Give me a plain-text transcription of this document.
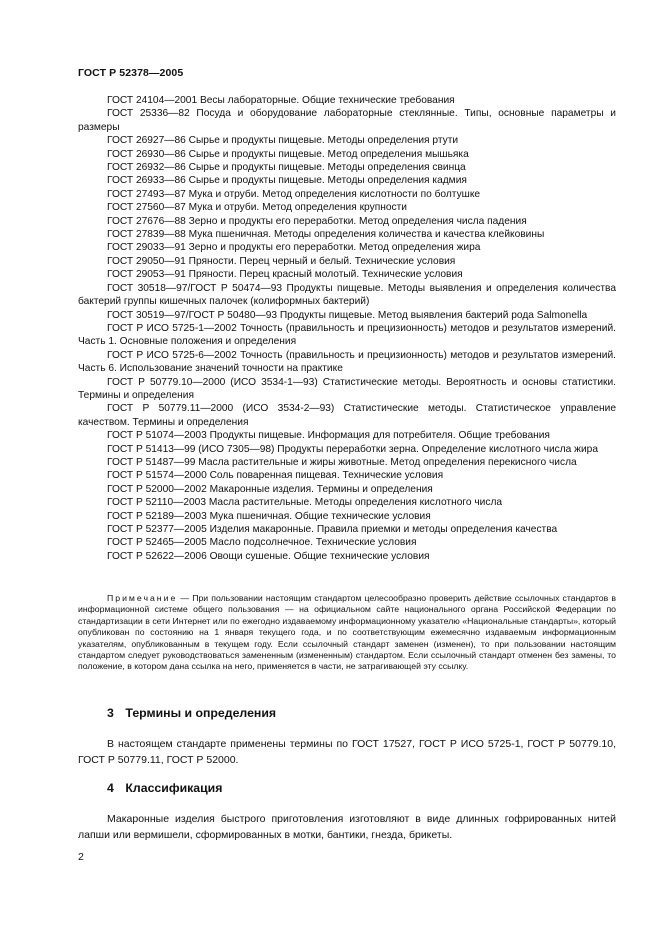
ГОСТ Р 52378—2005

ГОСТ 24104—2001 Весы лабораторные. Общие технические требования

ГОСТ 25336—82 Посуда и оборудование лабораторные стеклянные. Типы, основные параметры и размеры

ГОСТ 26927—86 Сырье и продукты пищевые. Методы определения ртути

ГОСТ 26930—86 Сырье и продукты пищевые. Метод определения мышьяка

ГОСТ 26932—86 Сырье и продукты пищевые. Методы определения свинца

ГОСТ 26933—86 Сырье и продукты пищевые. Методы определения кадмия

ГОСТ 27493—87 Мука и отруби. Метод определения кислотности по болтушке

ГОСТ 27560—87 Мука и отруби. Метод определения крупности

ГОСТ 27676—88 Зерно и продукты его переработки. Метод определения числа падения

ГОСТ 27839—88 Мука пшеничная. Методы определения количества и качества клейковины

ГОСТ 29033—91 Зерно и продукты его переработки. Метод определения жира

ГОСТ 29050—91 Пряности. Перец черный и белый. Технические условия

ГОСТ 29053—91 Пряности. Перец красный молотый. Технические условия

ГОСТ 30518—97/ГОСТ Р 50474—93 Продукты пищевые. Методы выявления и определения количества бактерий группы кишечных палочек (колиформных бактерий)

ГОСТ 30519—97/ГОСТ Р 50480—93 Продукты пищевые. Метод выявления бактерий рода Salmonella

ГОСТ Р ИСО 5725-1—2002 Точность (правильность и прецизионность) методов и результатов измерений. Часть 1. Основные положения и определения

ГОСТ Р ИСО 5725-6—2002 Точность (правильность и прецизионность) методов и результатов измерений. Часть 6. Использование значений точности на практике

ГОСТ Р 50779.10—2000 (ИСО 3534-1—93) Статистические методы. Вероятность и основы статистики. Термины и определения

ГОСТ Р 50779.11—2000 (ИСО 3534-2—93) Статистические методы. Статистическое управление качеством. Термины и определения

ГОСТ Р 51074—2003 Продукты пищевые. Информация для потребителя. Общие требования

ГОСТ Р 51413—99 (ИСО 7305—98) Продукты переработки зерна. Определение кислотного числа жира

ГОСТ Р 51487—99 Масла растительные и жиры животные. Метод определения перекисного числа

ГОСТ Р 51574—2000 Соль поваренная пищевая. Технические условия

ГОСТ Р 52000—2002 Макаронные изделия. Термины и определения

ГОСТ Р 52110—2003 Масла растительные. Методы определения кислотного числа

ГОСТ Р 52189—2003 Мука пшеничная. Общие технические условия

ГОСТ Р 52377—2005 Изделия макаронные. Правила приемки и методы определения качества

ГОСТ Р 52465—2005 Масло подсолнечное. Технические условия

ГОСТ Р 52622—2006 Овощи сушеные. Общие технические условия

Примечание — При пользовании настоящим стандартом целесообразно проверить действие ссылочных стандартов в информационной системе общего пользования — на официальном сайте национального органа Российской Федерации по стандартизации в сети Интернет или по ежегодно издаваемому информационному указателю «Национальные стандарты», который опубликован по состоянию на 1 января текущего года, и по соответствующим ежемесячно издаваемым информационным указателям, опубликованным в текущем году. Если ссылочный стандарт заменен (изменен), то при пользовании настоящим стандартом следует руководствоваться замененным (измененным) стандартом. Если ссылочный стандарт отменен без замены, то положение, в котором дана ссылка на него, применяется в части, не затрагивающей эту ссылку.

3 Термины и определения

В настоящем стандарте применены термины по ГОСТ 17527, ГОСТ Р ИСО 5725-1, ГОСТ Р 50779.10, ГОСТ Р 50779.11, ГОСТ Р 52000.

4 Классификация

Макаронные изделия быстрого приготовления изготовляют в виде длинных гофрированных нитей лапши или вермишели, сформированных в мотки, бантики, гнезда, брикеты.

2
